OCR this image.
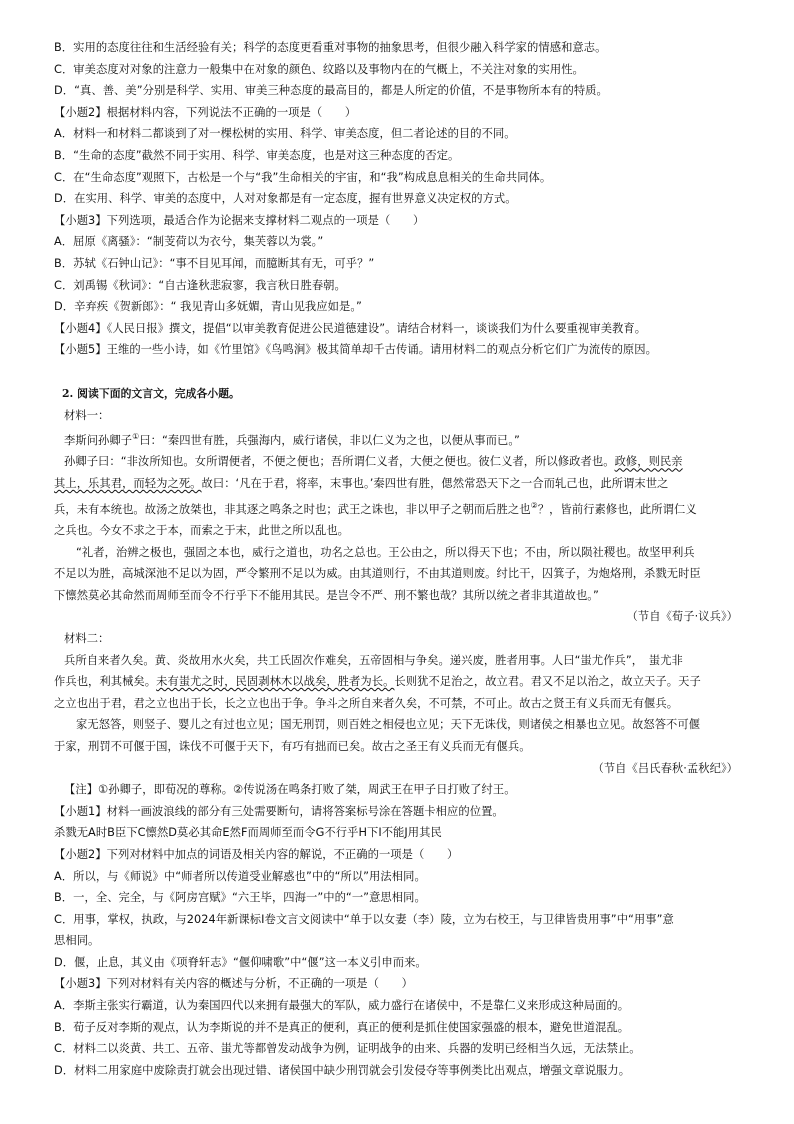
B．实用的态度往往和生活经验有关；科学的态度更看重对事物的抽象思考，但很少融入科学家的情感和意志。
C．审美态度对对象的注意力一般集中在对象的颜色、纹路以及事物内在的气概上，不关注对象的实用性。
D．“真、善、美”分别是科学、实用、审美三种态度的最高目的，都是人所定的价值，不是事物所本有的特质。
【小题2】根据材料内容，下列说法不正确的一项是（　　）
A．材料一和材料二都谈到了对一棵松树的实用、科学、审美态度，但二者论述的目的不同。
B．“生命的态度”截然不同于实用、科学、审美态度，也是对这三种态度的否定。
C．在“生命态度”观照下，古松是一个与“我”生命相关的宇宙，和“我”构成息息相关的生命共同体。
D．在实用、科学、审美的态度中，人对对象都是有一定态度，握有世界意义决定权的方式。
【小题3】下列选项，最适合作为论据来支撑材料二观点的一项是（　　）
A．屈原《离骚》：“制芰荷以为衣兮，集芙蓉以为裳。”
B．苏轼《石钟山记》：“事不目见耳闻，而臆断其有无，可乎？”
C．刘禹锡《秋词》：“自古逢秋悲寂寥，我言秋日胜春朝。
D．辛弃疾《贺新郎》：“ 我见青山多妩媚，青山见我应如是。”
【小题4】《人民日报》撰文，提倡“以审美教育促进公民道德建设”。请结合材料一，谈谈我们为什么要重视审美教育。
【小题5】王维的一些小诗，如《竹里馆》《鸟鸣涧》极其简单却千古传诵。请用材料二的观点分析它们广为流传的原因。
2. 阅读下面的文言文，完成各小题。
材料一：
李斯问孙卿子①曰：“秦四世有胜，兵强海内，威行诸侯，非以仁义为之也，以便从事而已。”
孙卿子曰：“非汝所知也。女所谓便者，不便之便也；吾所谓仁义者，大便之便也。彼仁义者，所以修政者也。政修，则民亲
其上，乐其君，而轻为之死。故曰：‘凡在于君，将率，末事也。’秦四世有胜，偲然常恐天下之一合而轧己也，此所谓末世之
兵，未有本统也。故汤之放桀也，非其逐之鸣条之时也；武王之诛也，非以甲子之朝而后胜之也②？，皆前行素修也，此所谓仁义
之兵也。今女不求之于本，而索之于末，此世之所以乱也。
“礼者，治辨之极也，强固之本也，威行之道也，功名之总也。王公由之，所以得天下也；不由，所以陨社稷也。故坚甲利兵
不足以为胜，高城深池不足以为固，严令繁刑不足以为威。由其道则行，不由其道则废。纣比干，囚箕子，为炮烙刑，杀戮无时臣
下懔然莫必其命然而周师至而令不行乎下不能用其民。是岂令不严、刑不繁也哉？其所以统之者非其道故也。”
（节自《荀子·议兵》）
材料二：
兵所自来者久矣。黄、炎故用水火矣，共工氏固次作难矣，五帝固相与争矣。递兴废，胜者用事。人曰“蚩尤作兵”，　蚩尤非
作兵也，利其械矣。未有蚩尤之时，民固剥林木以战矣，胜者为长。长则犹不足治之，故立君。君又不足以治之，故立天子。天子
之立也出于君，君之立也出于长，长之立也出于争。争斗之所自来者久矣，不可禁，不可止。故古之贤王有义兵而无有偃兵。
家无怒答，则竖子、婴儿之有过也立见；国无刑罚，则百姓之相侵也立见；天下无诛伐，则诸侯之相暴也立见。故怒答不可偃
于家，刑罚不可偃于国，诛伐不可偃于天下，有巧有拙而已矣。故古之圣王有义兵而无有偃兵。
（节自《吕氏春秋·孟秋纪》）
【注】①孙卿子，即荀况的尊称。②传说汤在鸣条打败了桀，周武王在甲子日打败了纣王。
【小题1】材料一画波浪线的部分有三处需要断句，请将答案标号涂在答题卡相应的位置。
杀戮无A时B臣下C懔然D莫必其命E然F而周师至而令G不行乎H下I不能J用其民
【小题2】下列对材料中加点的词语及相关内容的解说，不正确的一项是（　　）
A．所以，与《师说》中“师者所以传道受业解惑也”中的“所以”用法相同。
B．一，全、完全，与《阿房宫赋》“六王毕，四海一”中的“一”意思相同。
C．用事，掌权，执政，与2024年新课标I卷文言文阅读中“单于以女妻（李）陵，立为右校王，与卫律皆贵用事”中“用事”意
思相同。
D．偃，止息，其义由《项脊轩志》“偃仰啸歌”中“偃”这一本义引申而来。
【小题3】下列对材料有关内容的概述与分析，不正确的一项是（　　）
A．李斯主张实行霸道，认为秦国四代以来拥有最强大的军队，威力盛行在诸侯中，不是靠仁义来形成这种局面的。
B．荀子反对李斯的观点，认为李斯说的并不是真正的便利，真正的便利是抓住使国家强盛的根本，避免世道混乱。
C．材料二以炎黄、共工、五帝、蚩尤等都曾发动战争为例，证明战争的由来、兵器的发明已经相当久远，无法禁止。
D．材料二用家庭中废除责打就会出现过错、诸侯国中缺少刑罚就会引发侵夺等事例类比出观点，增强文章说服力。
